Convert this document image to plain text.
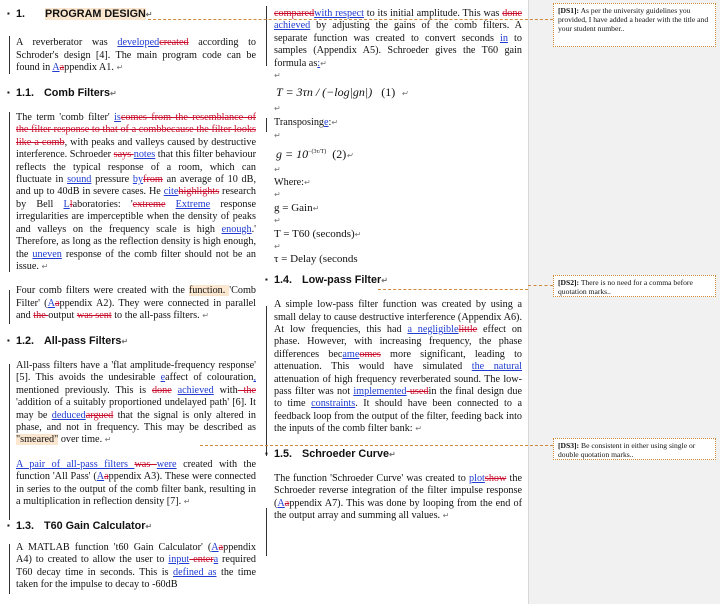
▪ 1. PROGRAM DESIGN↵

A reverberator was developedcreated according to Schroder's design [4]. The main program code can be found in Aappendix A1. ↵

▪ 1.1. Comb Filters↵

The term 'comb filter' iscomes from the resemblance of the filter response to that of a combbecause the filter looks like a comb, with peaks and valleys caused by destructive interference. Schroeder says notes that this filter behaviour reflects the typical response of a room, which can fluctuate in sound pressure byfrom an average of 10 dB, and up to 40dB in severe cases. He citehighlights research by Bell Llaboratories: 'extreme Extreme response irregularities are imperceptible when the density of peaks and valleys on the frequency scale is high enough.' Therefore, as long as the reflection density is high enough, the uneven response of the comb filter should not be an issue. ↵

Four comb filters were created with the function. 'Comb Filter' (Aappendix A2). They were connected in parallel and the output was sent to the all-pass filters. ↵

▪ 1.2. All-pass Filters↵

All-pass filters have a 'flat amplitude-frequency response' [5]. This avoids the undesirable eaffect of colouration, mentioned previously. This is done achieved with the 'addition of a suitably proportioned undelayed path' [6]. It may be deducedargued that the signal is only altered in phase, and not in frequency. This may be described as "smeared" over time. ↵

A pair of all-pass filters was were created with the function 'All Pass' (Aappendix A3). These were connected in series to the output of the comb filter bank, resulting in a multiplication in reflection density [7]. ↵

▪ 1.3. T60 Gain Calculator↵

A MATLAB function 't60 Gain Calculator' (Aappendix A4) to created to allow the user to input entera required T60 decay time in seconds. This is defined as the time taken for the impulse to decay to -60dB

comparedwith respect to its initial amplitude. This was done achieved by adjusting the gains of the comb filters. A separate function was created to convert seconds in to samples (Appendix A5). Schroeder gives the T60 gain formula as:↵

↵
T = 3τn / (−log|gn|) (1) ↵
↵

Transposinge:↵

↵
$g = 10^{-(3\tau/T)}$ (2)↵
↵

Where:↵

↵

g = Gain↵

↵

T = T60 (seconds)↵

↵

τ = Delay (seconds

▪ 1.4. Low-pass Filter↵

A simple low-pass filter function was created by using a small delay to cause destructive interference (Appendix A6). At low frequencies, this had a negligiblelittle effect on phase. However, with increasing frequency, the phase differences becameomes more significant, leading to attenuation. This would have simulated the natural attenuation of high frequency reverberated sound. The low-pass filter was not implemented usedin the final design due to time constraints. It should have been connected to a feedback loop from the output of the filter, feeding back into the inputs of the comb filter bank: ↵

▪ 1.5. Schroeder Curve↵

The function 'Schroeder Curve' was created to plotshow the Schroeder reverse integration of the filter impulse response (Aappendix A7). This was done by looping from the end of the output array and summing all values. ↵

[DS1]: As per the university guidelines you provided, I have added a header with the title and your student number..
[DS2]: There is no need for a comma before quotation marks..
[DS3]: Be consistent in either using single or double quotation marks..
